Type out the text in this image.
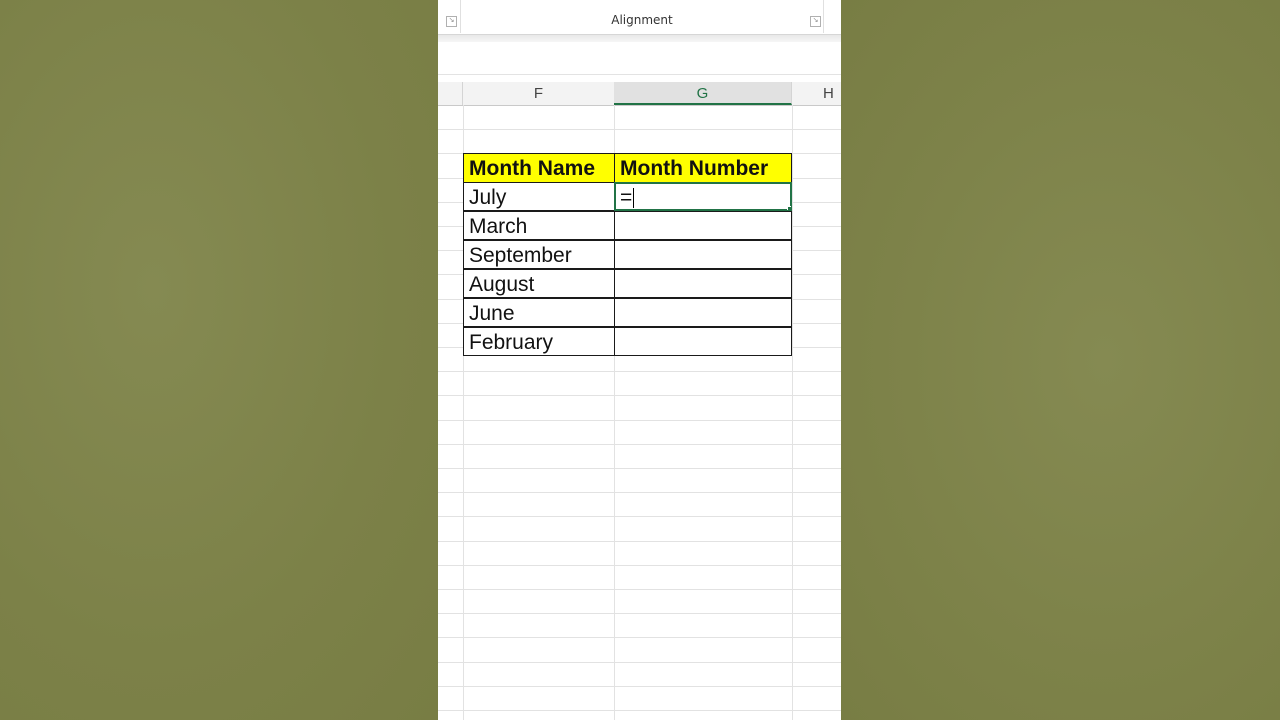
↘	Alignment	↘
F	G	H
Month Name	Month Number
July	=
March
September
August
June
February
